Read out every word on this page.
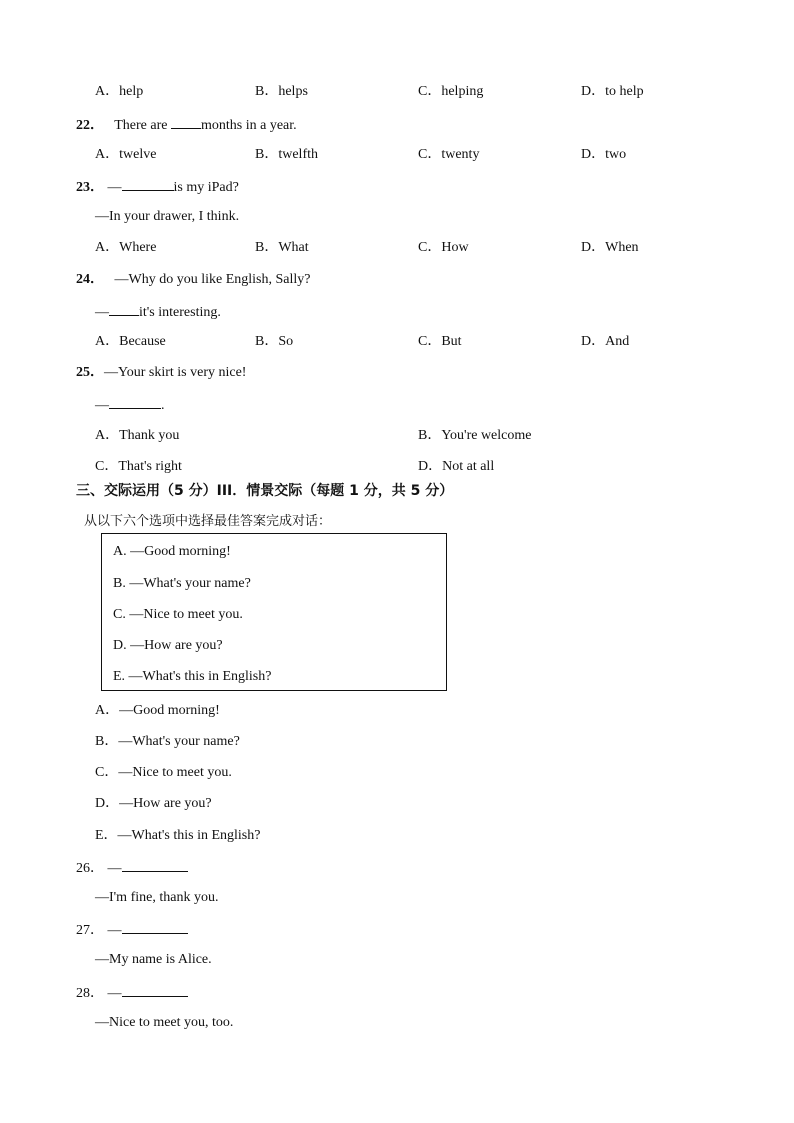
A．help	B．helps	C．helping	D．to help
22． There are months in a year.
A．twelve	B．twelfth	C．twenty	D．two
23． —	is my iPad?
—In your drawer, I think.
A．Where	B．What	C．How	D．When
24． —Why do you like English, Sally?
— it's interesting.
A．Because	B．So	C．But	D．And
25．—Your skirt is very nice!
—	.
A．Thank you	B．You're welcome
C．That's right	D．Not at all
三、交际运用（5 分）III．情景交际（每题 1 分，共 5 分）
从以下六个选项中选择最佳答案完成对话：
A. —Good morning!
B. —What's your name?
C. —Nice to meet you.
D. —How are you?
E. —What's this in English?
A．—Good morning!
B．—What's your name?
C．—Nice to meet you.
D．—How are you?
E．—What's this in English?
26． —
—I'm fine, thank you.
27． —
—My name is Alice.
28． —
—Nice to meet you, too.
